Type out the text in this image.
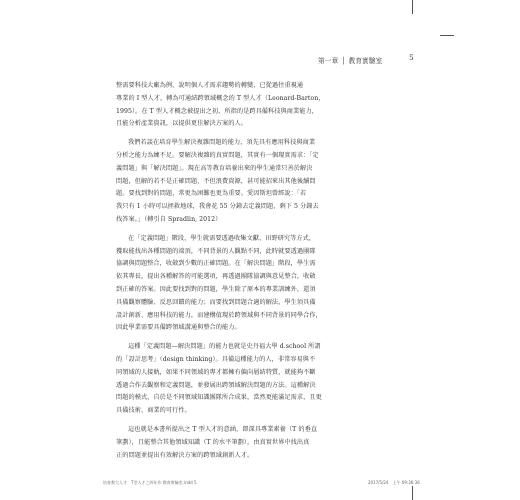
第一章 │ 教育實驗室	5
整需要科技大廠為例，說明個人才需求趨勢的轉變，已從過往重視通
專業的 I 型人才，轉為可通結跨領域概念的 T 型人才（Leonard-Barton，
1995）。在 T 型人才概念被提出之初，所指的是跨具備科技與商業能力，
且能分析產業資訊，以提供更佳解決方案的人。
我們若談在培育學生解決複雜問題的能力，須先具有應用科技與商業
分析之能力為練不足。要解決複雜的真實問題，其實有一個現實需求：「定
義問題」與「解決問題」。現在高等教育培養出來的學生通常只善於解決
問題，但解的若不是正確問題，不但浪費資源，甚可能招來出其他後續問
題。要找到對的問題，常更為困難也更為重要。愛因斯坦曾經說：「若
我只有 1 小時可以拯救地球，我會花 55 分鐘去定義問題，剩下 5 分鐘去
找答案。」（轉引自 Spradlin, 2012）
在「定義問題」階段，學生就需要透過收集文獻、田野研究等方式，
獲取能找出各種問題的端頂，不同背景的人觀點不同，此時就要透過團隊
協調與問題整合，收斂到少數的正確問題。在「解決問題」階段，學生需
依其專長，提出各種解答的可能選項，再透過團隊協調與意見整合，收斂
到正確的答案。因此要找到對的問題，學生除了原本的專業訓練外，還須
具備觀察體驗、反思回饋的能力；而要找到問題合適的解法，學生須具備
設計創新、應用科技的能力，而建構值現於跨領域與不同背景的同學合作，
因此學業需要具備跨領域溝通與整合的能力。
這種「定義問題—解決問題」的能力也就是史丹福大學 d.school 所謂
的「設計思考」（design thinking）。具備這種能力的人，非常容易與不
同領域的人接軌，如果不同領域的專才都擁有偏向層結特質，就能夠不斷
透過合作去觀察和定義問題，並發展出跨領域解決問題的方法。這種解決
問題的模式，自於是不同領域知識團隊所合成果，當然更能滿足需求，且更
具備技術、商業的可行性。
這也就是本書所提出之 T 型人才的意涵，即深具專業素養（T 的垂直
筆劃），且能整合其他領域知識（T 的水平筆劃），由真實世界中找出真
正的問題並提出有效解決方案的跨領域創新人才。
培育教大人才：T型人才之四年作 教育實驗室.indd 5	2017/5/24　上午 09:36:36
